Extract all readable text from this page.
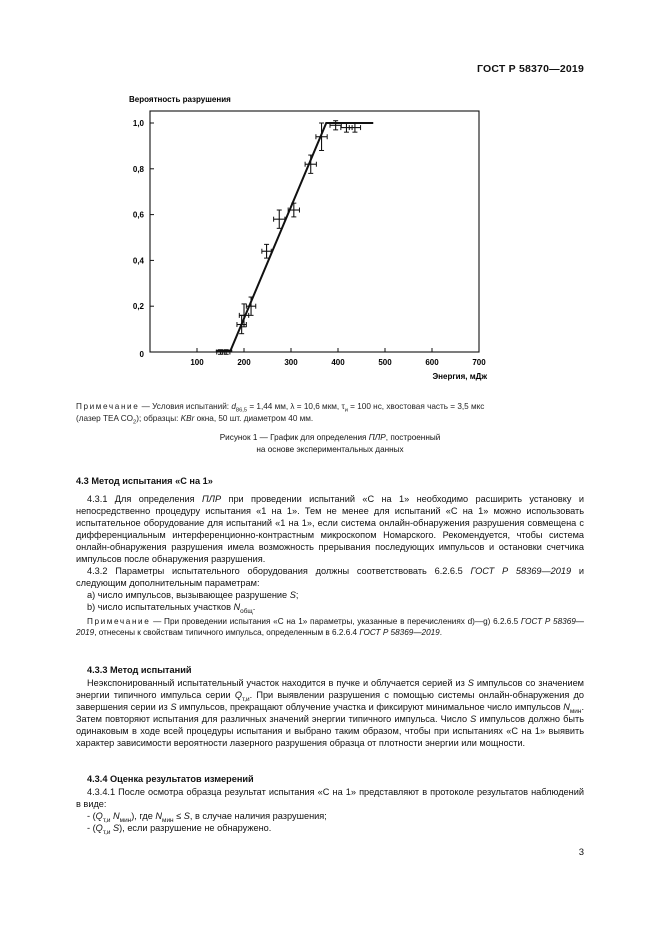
ГОСТ Р 58370—2019
100	200	300	400	500	600	700
0
0,2
0,4
0,6
0,8
1,0
Вероятность разрушения
Энергия, мДж
Примечание — Условия испытаний: $d_{86,5} = 1,44$ мм, λ = 10,6 мкм, $\tau_и = 100$ нс, хвостовая часть = 3,5 мкс
(лазер TEA $CO_2$); образцы: KBr окна, 50 шт. диаметром 40 мм.
Рисунок 1 — График для определения ПЛР, построенный
на основе экспериментальных данных
4.3 Метод испытания «С на 1»

4.3.1 Для определения ПЛР при проведении испытаний «С на 1» необходимо расширить установку и непосредственно процедуру испытания «1 на 1». Тем не менее для испытаний «С на 1» можно использовать испытательное оборудование для испытаний «1 на 1», если система онлайн-обнаружения разрушения совмещена с дифференциальным интерференционно-контрастным микроскопом Номарского. Рекомендуется, чтобы система онлайн-обнаружения разрушения имела возможность прерывания последующих импульсов и остановки счетчика импульсов после обнаружения разрушения.

4.3.2 Параметры испытательного оборудования должны соответствовать 6.2.6.5 ГОСТ Р 58369—2019 и следующим дополнительным параметрам:

а) число импульсов, вызывающее разрушение S;

b) число испытательных участков $N_{общ}$.

Примечание — При проведении испытания «С на 1» параметры, указанные в перечислениях d)—g) 6.2.6.5 ГОСТ Р 58369—2019, отнесены к свойствам типичного импульса, определенным в 6.2.6.4 ГОСТ Р 58369—2019.

4.3.3 Метод испытаний

Неэкспонированный испытательный участок находится в пучке и облучается серией из S импульсов со значением энергии типичного импульса серии $Q_{т,и}$. При выявлении разрушения с помощью системы онлайн-обнаружения до завершения серии из S импульсов, прекращают облучение участка и фиксируют минимальное число импульсов $N_{мин}$. Затем повторяют испытания для различных значений энергии типичного импульса. Число S импульсов должно быть одинаковым в ходе всей процедуры испытания и выбрано таким образом, чтобы при испытаниях «С на 1» выявить характер зависимости вероятности лазерного разрушения образца от плотности энергии или мощности.

4.3.4 Оценка результатов измерений

4.3.4.1 После осмотра образца результат испытания «С на 1» представляют в протоколе результатов наблюдений в виде:

- ($Q_{т,и}$ $N_{мин}$), где $N_{мин} \le S$, в случае наличия разрушения;

- ($Q_{т,и}$ S), если разрушение не обнаружено.

3
